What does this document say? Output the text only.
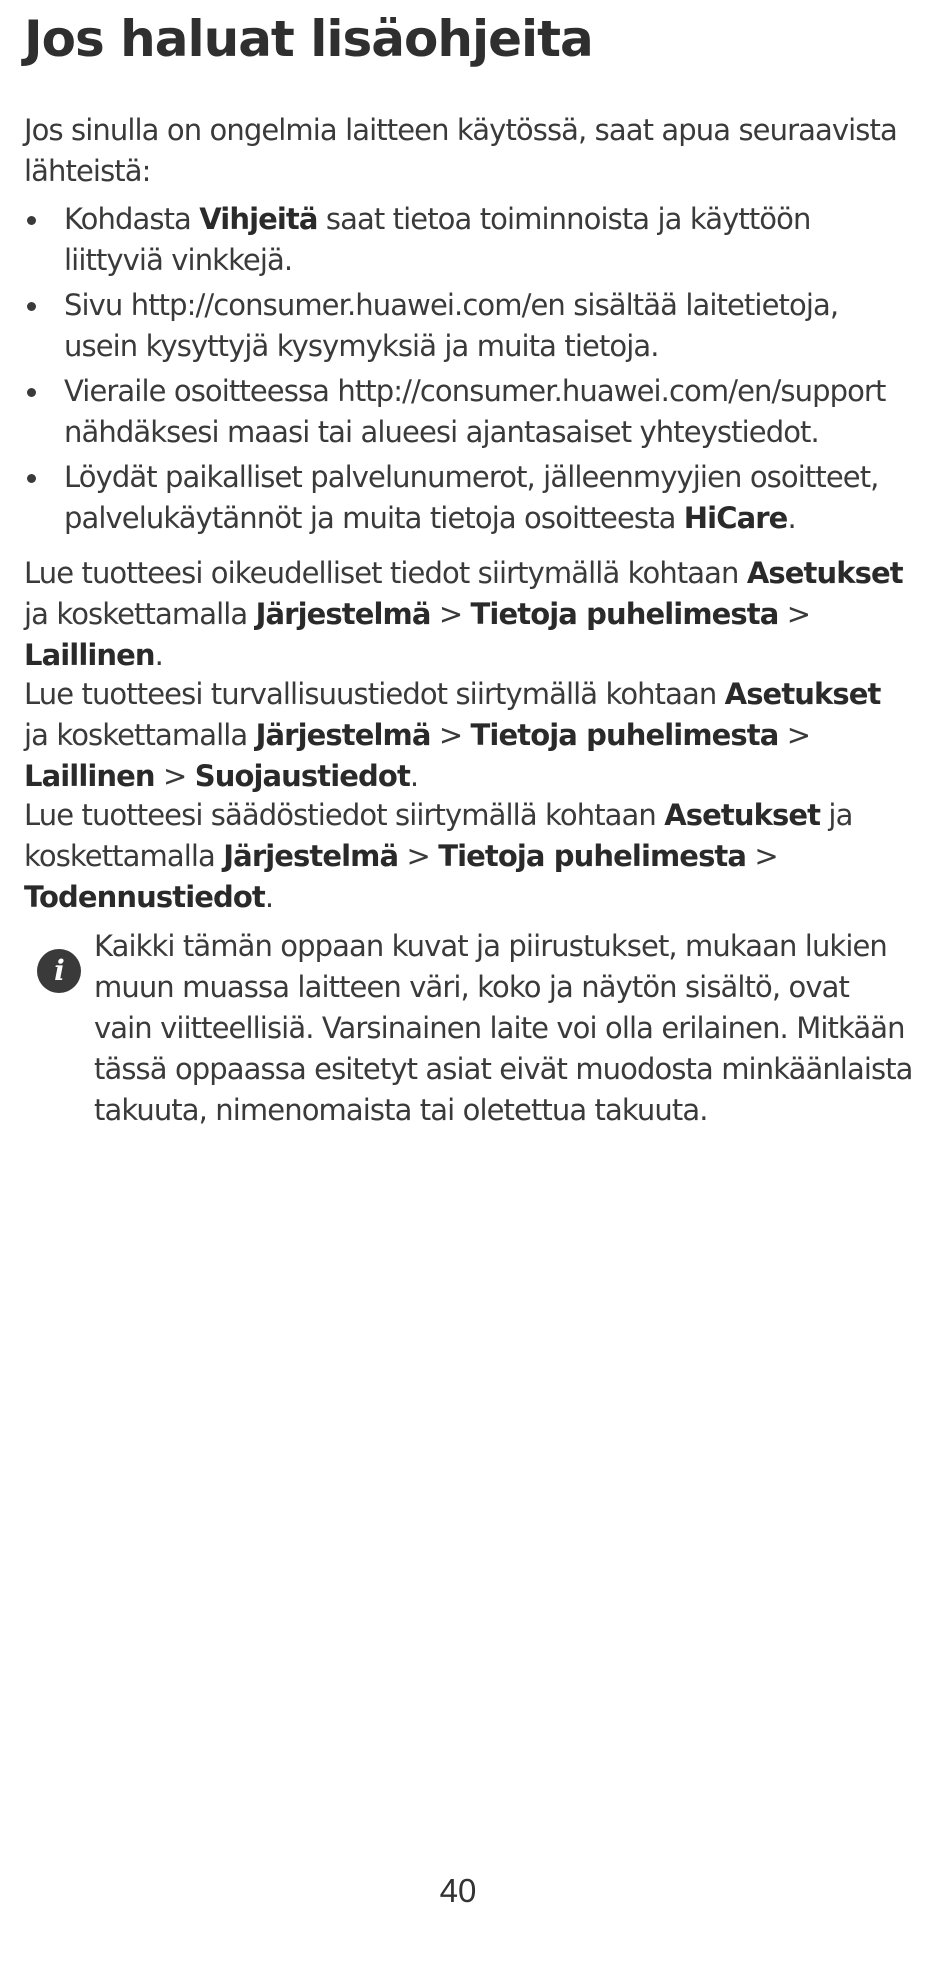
Jos haluat lisäohjeita

Jos sinulla on ongelmia laitteen käytössä, saat apua seuraavista lähteistä:

Kohdasta Vihjeitä saat tietoa toiminnoista ja käyttöön liittyviä vinkkejä.
Sivu http://consumer.huawei.com/en sisältää laitetietoja, usein kysyttyjä kysymyksiä ja muita tietoja.
Vieraile osoitteessa http://consumer.huawei.com/en/support nähdäksesi maasi tai alueesi ajantasaiset yhteystiedot.
Löydät paikalliset palvelunumerot, jälleenmyyjien osoitteet, palvelukäytännöt ja muita tietoja osoitteesta HiCare.

Lue tuotteesi oikeudelliset tiedot siirtymällä kohtaan Asetukset ja koskettamalla Järjestelmä > Tietoja puhelimesta > Laillinen.

Lue tuotteesi turvallisuustiedot siirtymällä kohtaan Asetukset ja koskettamalla Järjestelmä > Tietoja puhelimesta > Laillinen > Suojaustiedot.

Lue tuotteesi säädöstiedot siirtymällä kohtaan Asetukset ja koskettamalla Järjestelmä > Tietoja puhelimesta > Todennustiedot.

i
Kaikki tämän oppaan kuvat ja piirustukset, mukaan lukien muun muassa laitteen väri, koko ja näytön sisältö, ovat vain viitteellisiä. Varsinainen laite voi olla erilainen. Mitkään tässä oppaassa esitetyt asiat eivät muodosta minkäänlaista takuuta, nimenomaista tai oletettua takuuta.
40
